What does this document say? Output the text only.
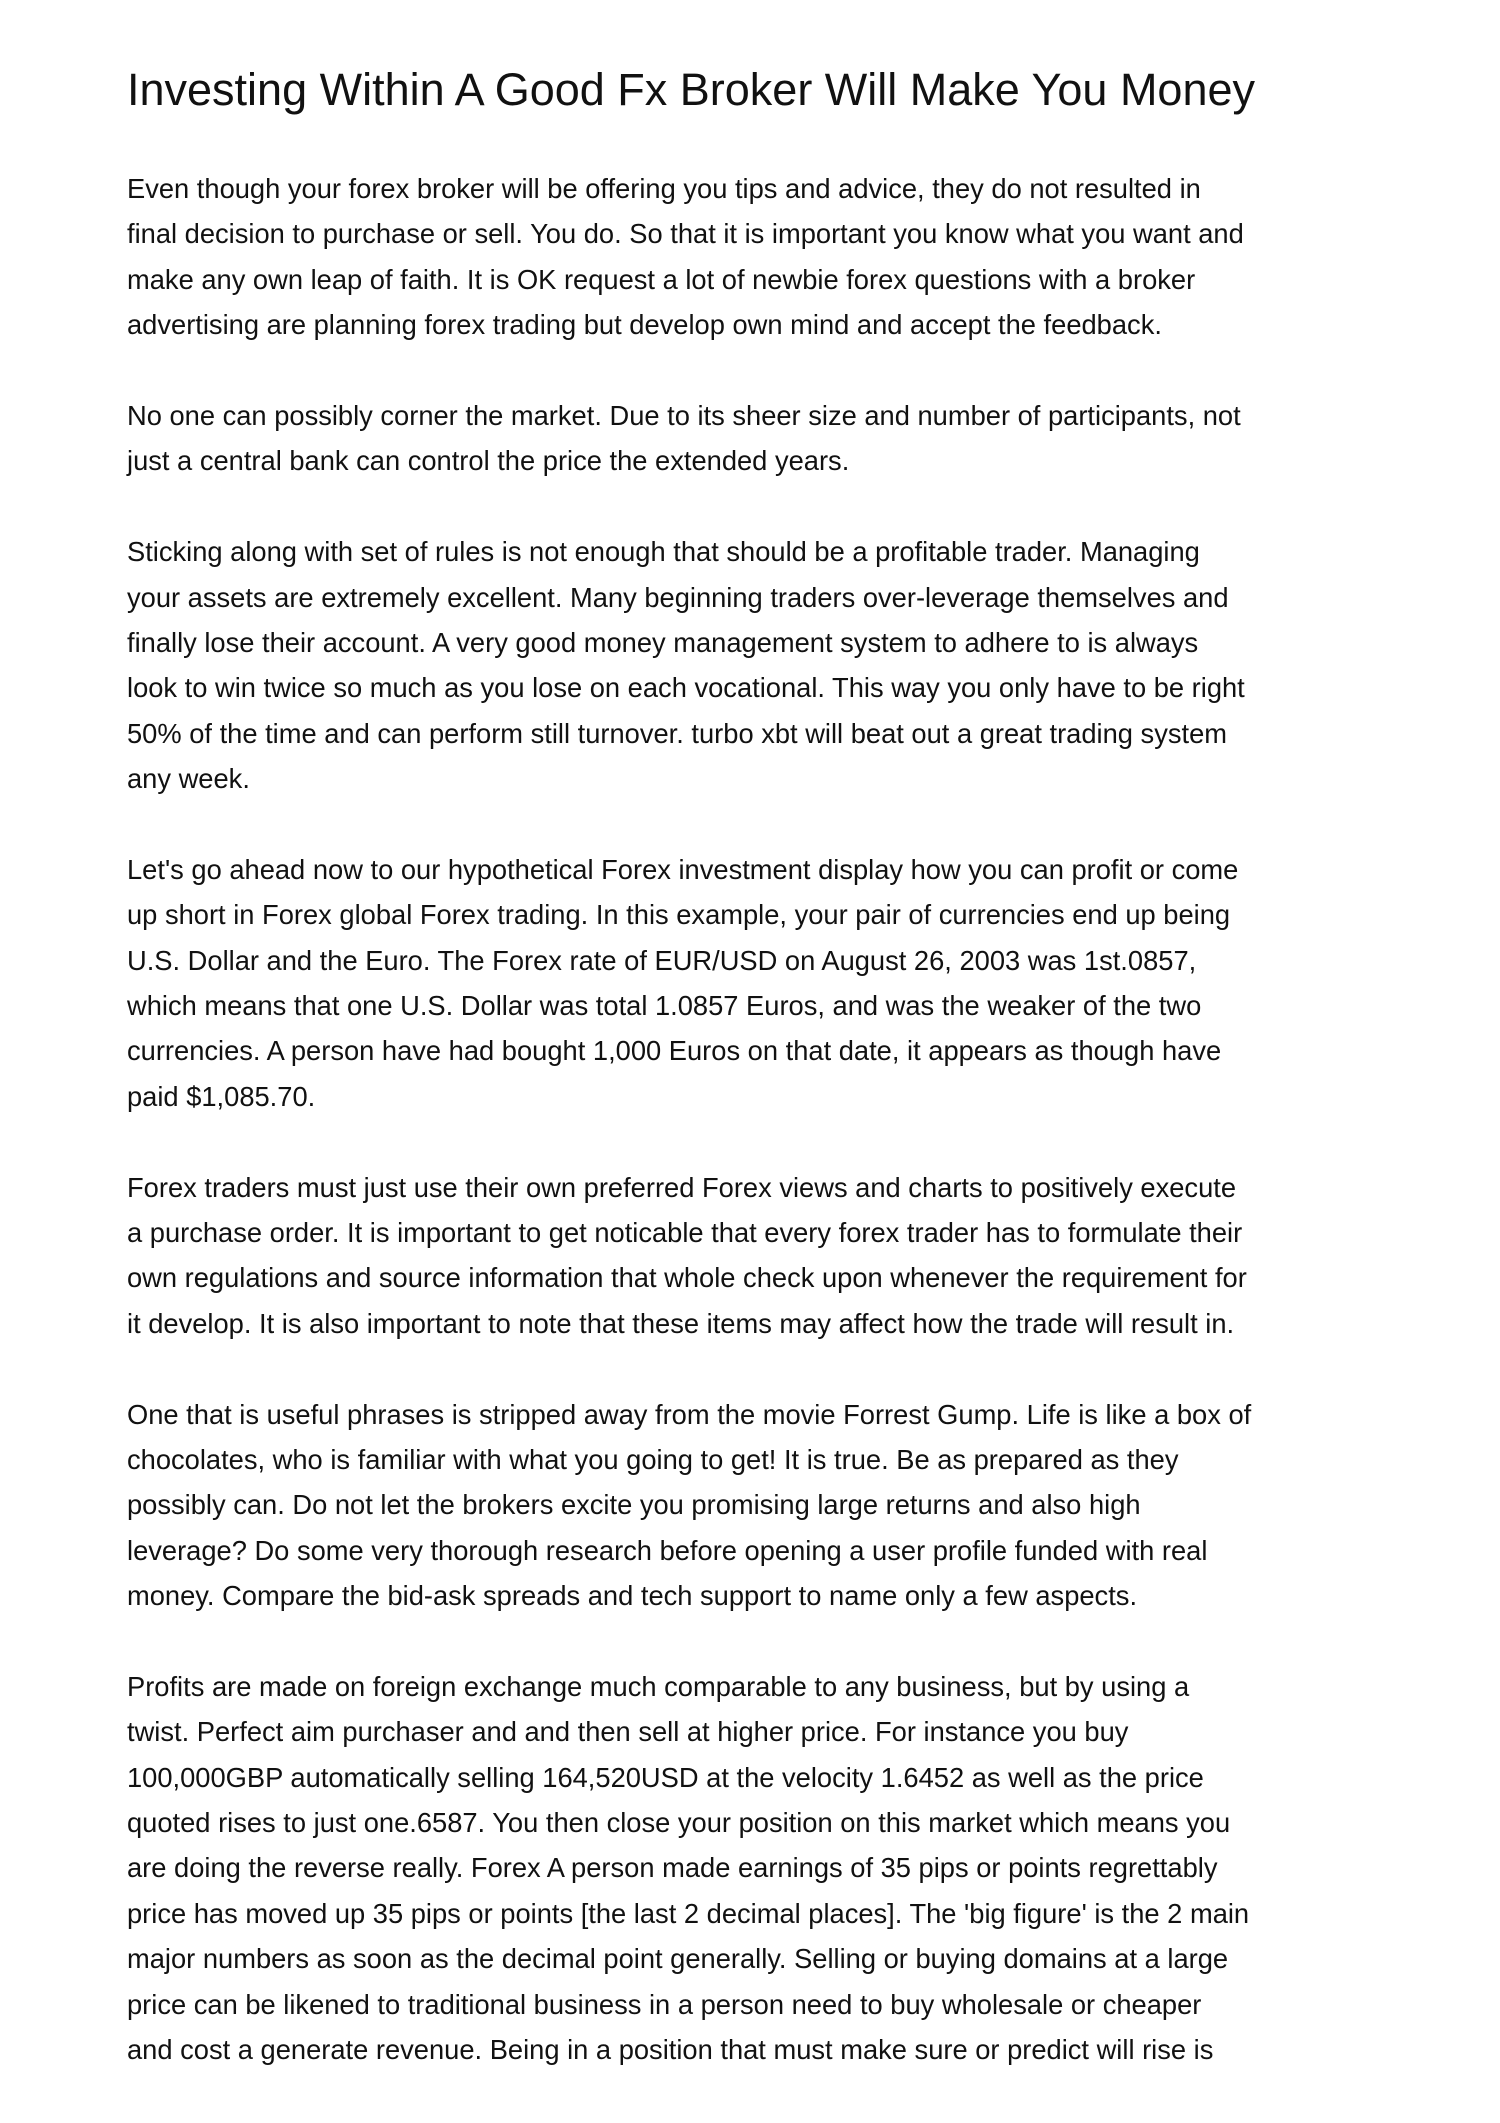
Investing Within A Good Fx Broker Will Make You Money

Even though your forex broker will be offering you tips and advice, they do not resulted in
final decision to purchase or sell. You do. So that it is important you know what you want and
make any own leap of faith. It is OK request a lot of newbie forex questions with a broker
advertising are planning forex trading but develop own mind and accept the feedback.

No one can possibly corner the market. Due to its sheer size and number of participants, not
just a central bank can control the price the extended years.

Sticking along with set of rules is not enough that should be a profitable trader. Managing
your assets are extremely excellent. Many beginning traders over-leverage themselves and
finally lose their account. A very good money management system to adhere to is always
look to win twice so much as you lose on each vocational. This way you only have to be right
50% of the time and can perform still turnover. turbo xbt will beat out a great trading system
any week.

Let's go ahead now to our hypothetical Forex investment display how you can profit or come
up short in Forex global Forex trading. In this example, your pair of currencies end up being
U.S. Dollar and the Euro. The Forex rate of EUR/USD on August 26, 2003 was 1st.0857,
which means that one U.S. Dollar was total 1.0857 Euros, and was the weaker of the two
currencies. A person have had bought 1,000 Euros on that date, it appears as though have
paid $1,085.70.

Forex traders must just use their own preferred Forex views and charts to positively execute
a purchase order. It is important to get noticable that every forex trader has to formulate their
own regulations and source information that whole check upon whenever the requirement for
it develop. It is also important to note that these items may affect how the trade will result in.

One that is useful phrases is stripped away from the movie Forrest Gump. Life is like a box of
chocolates, who is familiar with what you going to get! It is true. Be as prepared as they
possibly can. Do not let the brokers excite you promising large returns and also high
leverage? Do some very thorough research before opening a user profile funded with real
money. Compare the bid-ask spreads and tech support to name only a few aspects.

Profits are made on foreign exchange much comparable to any business, but by using a
twist. Perfect aim purchaser and and then sell at higher price. For instance you buy
100,000GBP automatically selling 164,520USD at the velocity 1.6452 as well as the price
quoted rises to just one.6587. You then close your position on this market which means you
are doing the reverse really. Forex A person made earnings of 35 pips or points regrettably
price has moved up 35 pips or points [the last 2 decimal places]. The 'big figure' is the 2 main
major numbers as soon as the decimal point generally. Selling or buying domains at a large
price can be likened to traditional business in a person need to buy wholesale or cheaper
and cost a generate revenue. Being in a position that must make sure or predict will rise is
